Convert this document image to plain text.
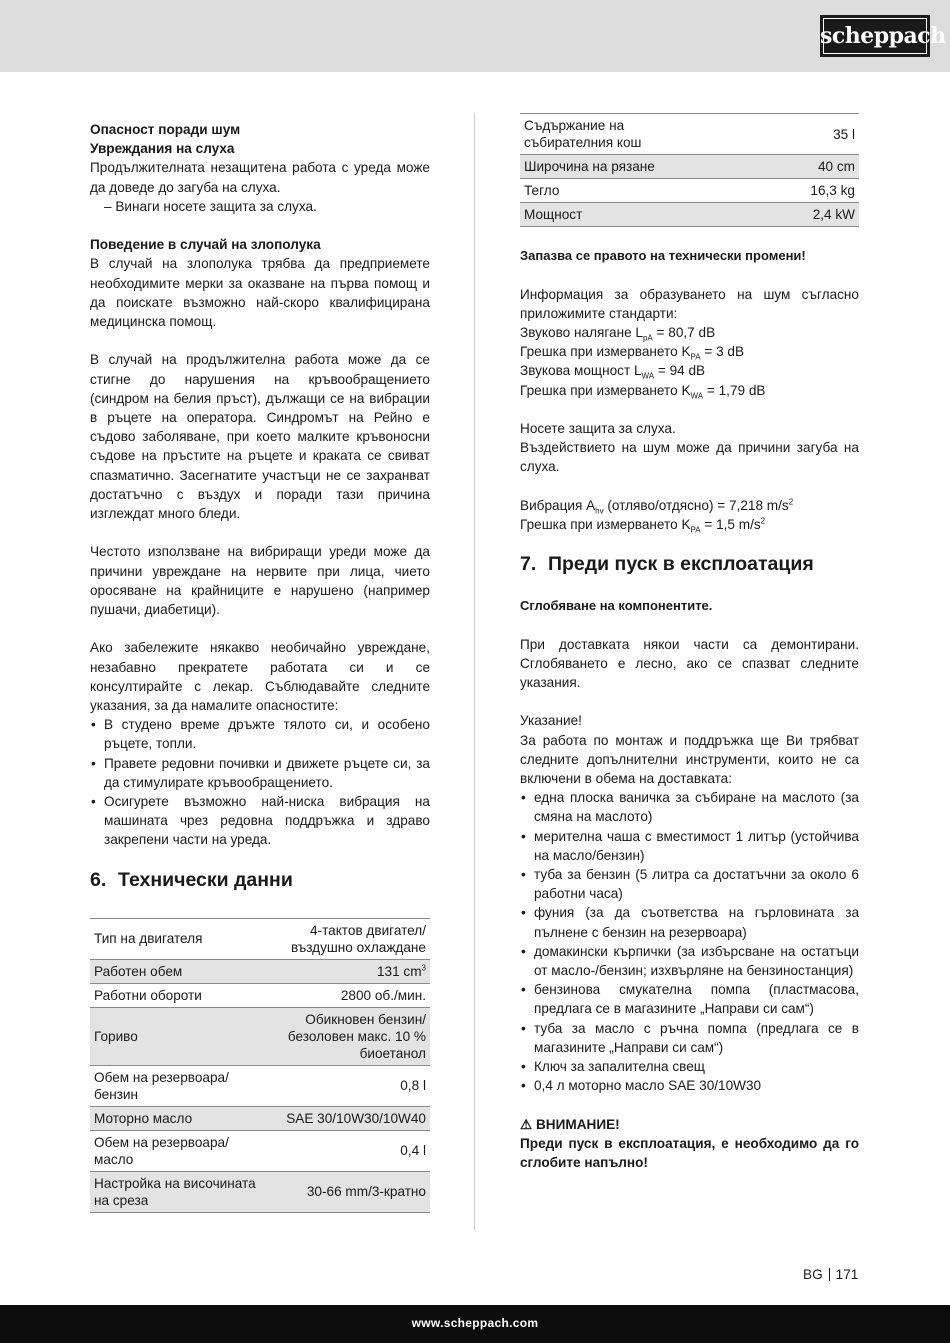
scheppach

Опасност поради шум

Увреждания на слуха

Продължителната незащитена работа с уреда може да доведе до загуба на слуха.

– Винаги носете защита за слуха.

Поведение в случай на злополука

В случай на злополука трябва да предприемете необходимите мерки за оказване на първа помощ и да поискате възможно най-скоро квалифицирана медицинска помощ.

В случай на продължителна работа може да се стигне до нарушения на кръвообращението (синдром на белия пръст), дължащи се на вибрации в ръцете на оператора. Синдромът на Рейно е съдово заболяване, при което малките кръвоносни съдове на пръстите на ръцете и краката се свиват спазматично. Засегнатите участъци не се захранват достатъчно с въздух и поради тази причина изглеждат много бледи.

Честото използване на вибриращи уреди може да причини увреждане на нервите при лица, чието оросяване на крайниците е нарушено (например пушачи, диабетици).

Ако забележите някакво необичайно увреждане, незабавно прекратете работата си и се консултирайте с лекар. Съблюдавайте следните указания, за да намалите опасностите:

• В студено време дръжте тялото си, и особено ръцете, топли.
• Правете редовни почивки и движете ръцете си, за да стимулирате кръвообращението.
• Осигурете възможно най-ниска вибрация на машината чрез редовна поддръжка и здраво закрепени части на уреда.
6. Технически данни
Тип на двигателя	4-тактов двигател/ въздушно охлаждане
Работен обем	131 $cm^3$
Работни обороти	2800 об./мин.
Гориво	Обикновен бензин/ безоловен макс. 10 % биоетанол
Обем на резервоара/ бензин	0,8 l
Моторно масло	SAE 30/10W30/10W40
Обем на резервоара/ масло	0,4 l
Настройка на височината на среза	30-66 mm/3-кратно
Съдържание на събирателния кош	35 l
Широчина на рязане	40 cm
Тегло	16,3 kg
Мощност	2,4 kW

Запазва се правото на технически промени!

Информация за образуването на шум съгласно приложимите стандарти:

Звуково налягане $L_{pA} = 80,7$ dB

Грешка при измерването $K_{PA} = 3$ dB

Звукова мощност $L_{WA} = 94$ dB

Грешка при измерването $K_{WA} = 1,79$ dB

Носете защита за слуха.

Въздействието на шум може да причини загуба на слуха.

Вибрация $A_{hv}$ (отляво/отдясно) = 7,218 $m/s^2$

Грешка при измерването $K_{PA} = 1,5$ $m/s^2$

7. Преди пуск в експлоатация

Сглобяване на компонентите.

При доставката някои части са демонтирани. Сглобяването е лесно, ако се спазват следните указания.

Указание!

За работа по монтаж и поддръжка ще Ви трябват следните допълнителни инструменти, които не са включени в обема на доставката:

• една плоска ваничка за събиране на маслото (за смяна на маслото)
• мерителна чаша с вместимост 1 литър (устойчива на масло/бензин)
• туба за бензин (5 литра са достатъчни за около 6 работни часа)
• фуния (за да съответства на гърловината за пълнене с бензин на резервоара)
• домакински кърпички (за избърсване на остатъци от масло-/бензин; изхвърляне на бензиностанция)
• бензинова смукателна помпа (пластмасова, предлага се в магазините „Направи си сам“)
• туба за масло с ръчна помпа (предлага се в магазините „Направи си сам“)
• Ключ за запалителна свещ
• 0,4 л моторно масло SAE 30/10W30

⚠ ВНИМАНИЕ!

Преди пуск в експлоатация, е необходимо да го сглобите напълно!

BG 171
www.scheppach.com
